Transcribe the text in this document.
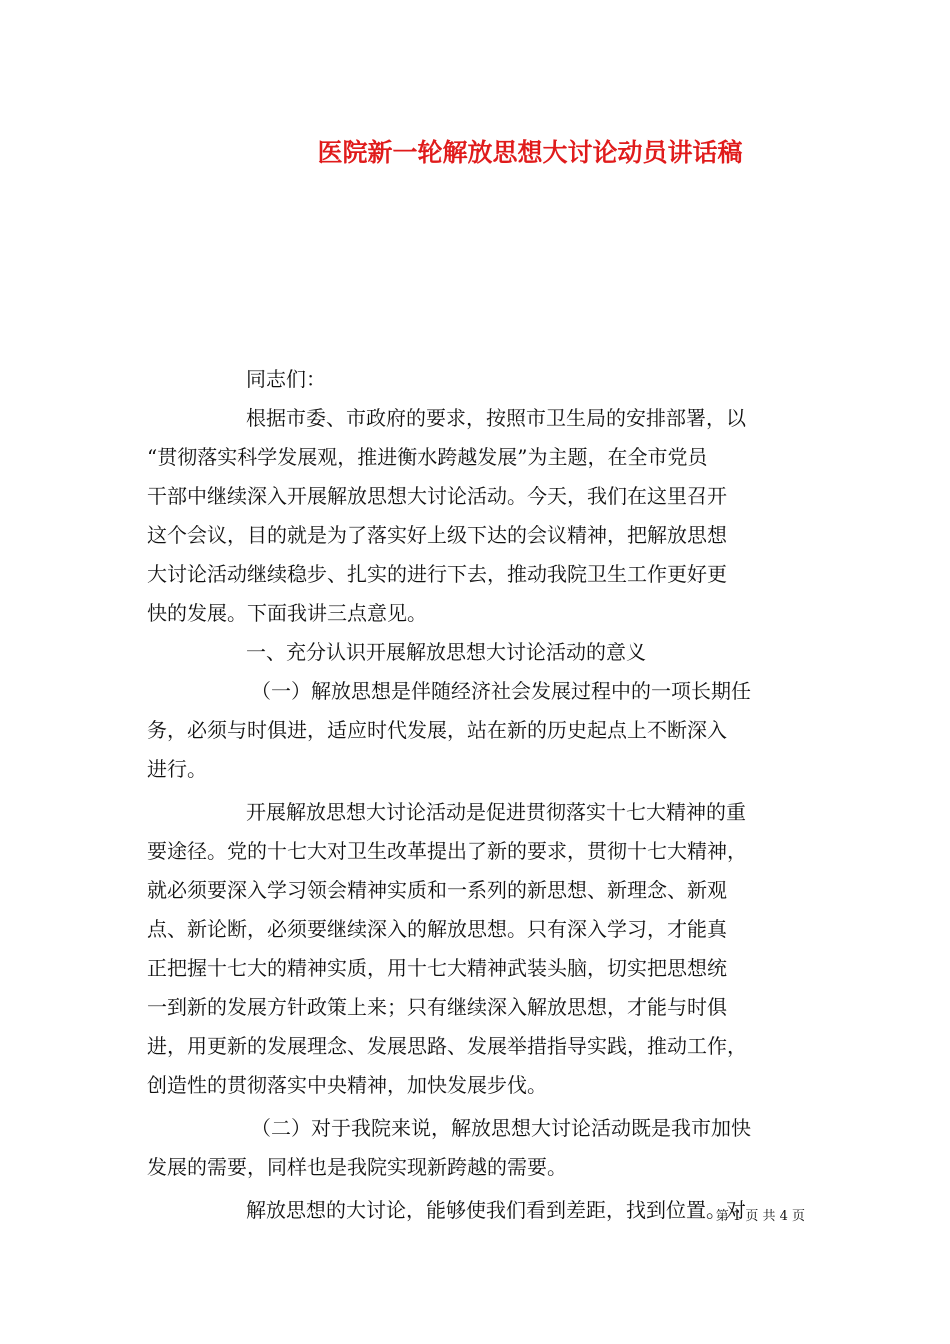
医院新一轮解放思想大讨论动员讲话稿
同志们：
根据市委、市政府的要求，按照市卫生局的安排部署，以
“贯彻落实科学发展观，推进衡水跨越发展”为主题，在全市党员
干部中继续深入开展解放思想大讨论活动。今天，我们在这里召开
这个会议，目的就是为了落实好上级下达的会议精神，把解放思想
大讨论活动继续稳步、扎实的进行下去，推动我院卫生工作更好更
快的发展。下面我讲三点意见。
一、充分认识开展解放思想大讨论活动的意义
（一）解放思想是伴随经济社会发展过程中的一项长期任
务，必须与时俱进，适应时代发展，站在新的历史起点上不断深入
进行。
开展解放思想大讨论活动是促进贯彻落实十七大精神的重
要途径。党的十七大对卫生改革提出了新的要求，贯彻十七大精神，
就必须要深入学习领会精神实质和一系列的新思想、新理念、新观
点、新论断，必须要继续深入的解放思想。只有深入学习，才能真
正把握十七大的精神实质，用十七大精神武装头脑，切实把思想统
一到新的发展方针政策上来；只有继续深入解放思想，才能与时俱
进，用更新的发展理念、发展思路、发展举措指导实践，推动工作，
创造性的贯彻落实中央精神，加快发展步伐。
（二）对于我院来说，解放思想大讨论活动既是我市加快
发展的需要，同样也是我院实现新跨越的需要。
解放思想的大讨论，能够使我们看到差距，找到位置。对
第 1 页 共 4 页
